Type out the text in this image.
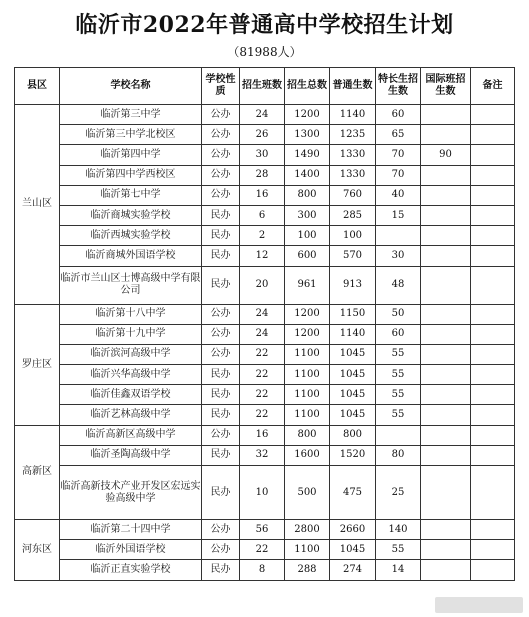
临沂市2022年普通高中学校招生计划
（81988人）
县区	学校名称	学校性质	招生班数	招生总数	普通生数	特长生招生数	国际班招生数	备注
兰山区	临沂第三中学	公办	24	1200	1140	60		
	临沂第三中学北校区	公办	26	1300	1235	65		
	临沂第四中学	公办	30	1490	1330	70	90	
	临沂第四中学西校区	公办	28	1400	1330	70		
	临沂第七中学	公办	16	800	760	40		
	临沂商城实验学校	民办	6	300	285	15		
	临沂西城实验学校	民办	2	100	100			
	临沂商城外国语学校	民办	12	600	570	30		
	临沂市兰山区士博高级中学有限公司	民办	20	961	913	48		
罗庄区	临沂第十八中学	公办	24	1200	1150	50		
	临沂第十九中学	公办	24	1200	1140	60		
	临沂滨河高级中学	公办	22	1100	1045	55		
	临沂兴华高级中学	民办	22	1100	1045	55		
	临沂佳鑫双语学校	民办	22	1100	1045	55		
	临沂艺林高级中学	民办	22	1100	1045	55		
高新区	临沂高新区高级中学	公办	16	800	800			
	临沂圣陶高级中学	民办	32	1600	1520	80		
	临沂高新技术产业开发区宏远实验高级中学	民办	10	500	475	25		
河东区	临沂第二十四中学	公办	56	2800	2660	140		
	临沂外国语学校	公办	22	1100	1045	55		
	临沂正直实验学校	民办	8	288	274	14		
